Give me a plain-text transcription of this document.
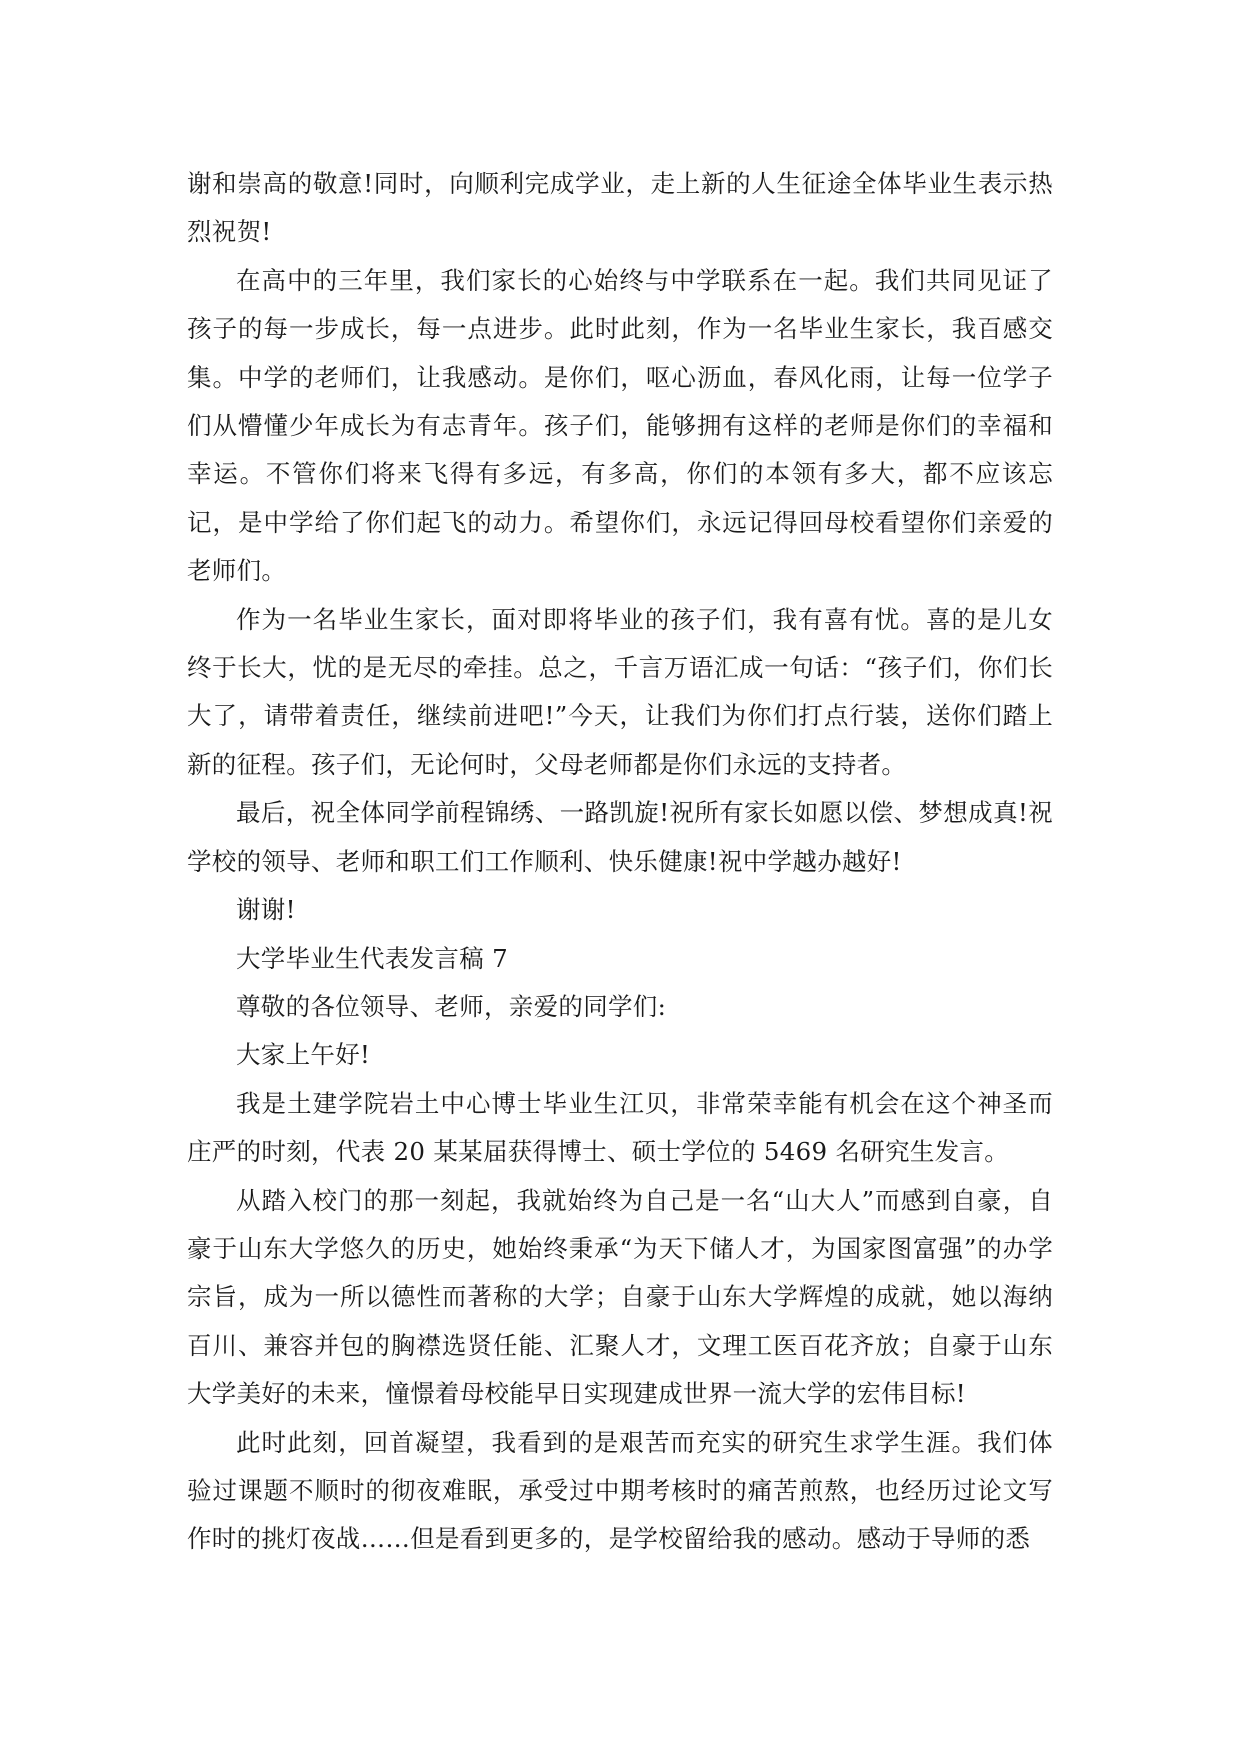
谢和崇高的敬意!同时，向顺利完成学业，走上新的人生征途全体毕业生表示热烈祝贺!

在高中的三年里，我们家长的心始终与中学联系在一起。我们共同见证了孩子的每一步成长，每一点进步。此时此刻，作为一名毕业生家长，我百感交集。中学的老师们，让我感动。是你们，呕心沥血，春风化雨，让每一位学子们从懵懂少年成长为有志青年。孩子们，能够拥有这样的老师是你们的幸福和幸运。不管你们将来飞得有多远，有多高，你们的本领有多大，都不应该忘记，是中学给了你们起飞的动力。希望你们，永远记得回母校看望你们亲爱的老师们。

作为一名毕业生家长，面对即将毕业的孩子们，我有喜有忧。喜的是儿女终于长大，忧的是无尽的牵挂。总之，千言万语汇成一句话：“孩子们，你们长大了，请带着责任，继续前进吧!”今天，让我们为你们打点行装，送你们踏上新的征程。孩子们，无论何时，父母老师都是你们永远的支持者。

最后，祝全体同学前程锦绣、一路凯旋!祝所有家长如愿以偿、梦想成真!祝学校的领导、老师和职工们工作顺利、快乐健康!祝中学越办越好!

谢谢!

大学毕业生代表发言稿 7

尊敬的各位领导、老师，亲爱的同学们:

大家上午好!

我是土建学院岩土中心博士毕业生江贝，非常荣幸能有机会在这个神圣而庄严的时刻，代表 20 某某届获得博士、硕士学位的 5469 名研究生发言。

从踏入校门的那一刻起，我就始终为自己是一名“山大人”而感到自豪，自豪于山东大学悠久的历史，她始终秉承“为天下储人才，为国家图富强”的办学宗旨，成为一所以德性而著称的大学；自豪于山东大学辉煌的成就，她以海纳百川、兼容并包的胸襟选贤任能、汇聚人才，文理工医百花齐放；自豪于山东大学美好的未来，憧憬着母校能早日实现建成世界一流大学的宏伟目标!

此时此刻，回首凝望，我看到的是艰苦而充实的研究生求学生涯。我们体验过课题不顺时的彻夜难眠，承受过中期考核时的痛苦煎熬，也经历过论文写作时的挑灯夜战……但是看到更多的，是学校留给我的感动。感动于导师的悉
